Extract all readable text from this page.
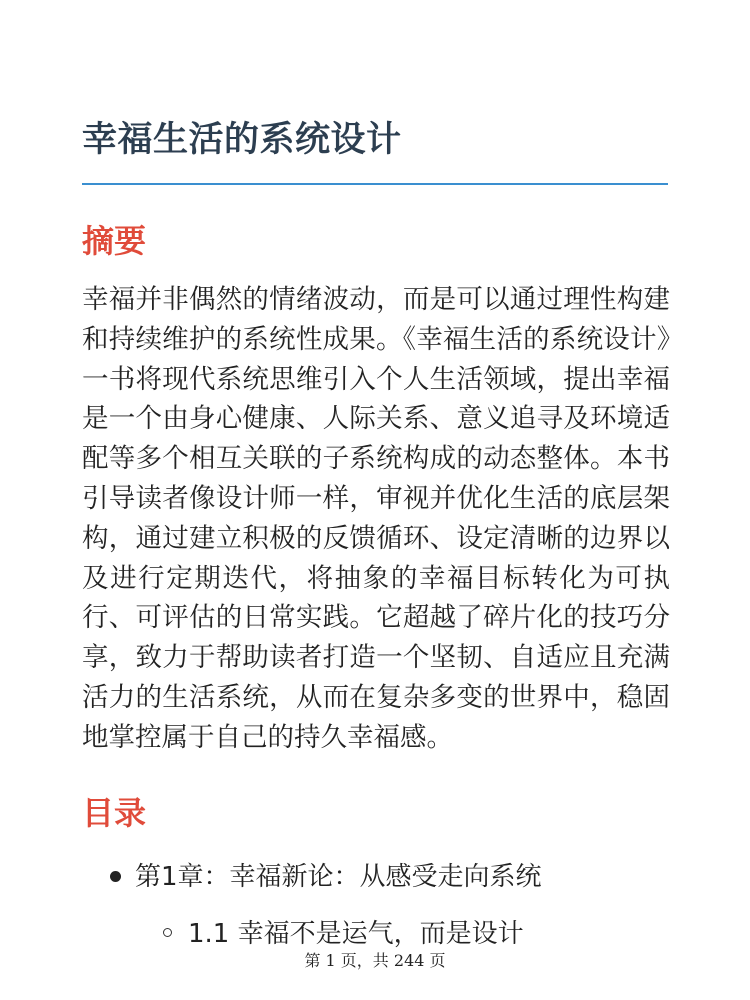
幸福生活的系统设计
摘要

幸福并非偶然的情绪波动，而是可以通过理性构建和持续维护的系统性成果。《幸福生活的系统设计》一书将现代系统思维引入个人生活领域，提出幸福是一个由身心健康、人际关系、意义追寻及环境适配等多个相互关联的子系统构成的动态整体。本书引导读者像设计师一样，审视并优化生活的底层架构，通过建立积极的反馈循环、设定清晰的边界以及进行定期迭代，将抽象的幸福目标转化为可执行、可评估的日常实践。它超越了碎片化的技巧分享，致力于帮助读者打造一个坚韧、自适应且充满活力的生活系统，从而在复杂多变的世界中，稳固地掌控属于自己的持久幸福感。

目录
第1章：幸福新论：从感受走向系统
1.1 幸福不是运气，而是设计
第 1 页，共 244 页
